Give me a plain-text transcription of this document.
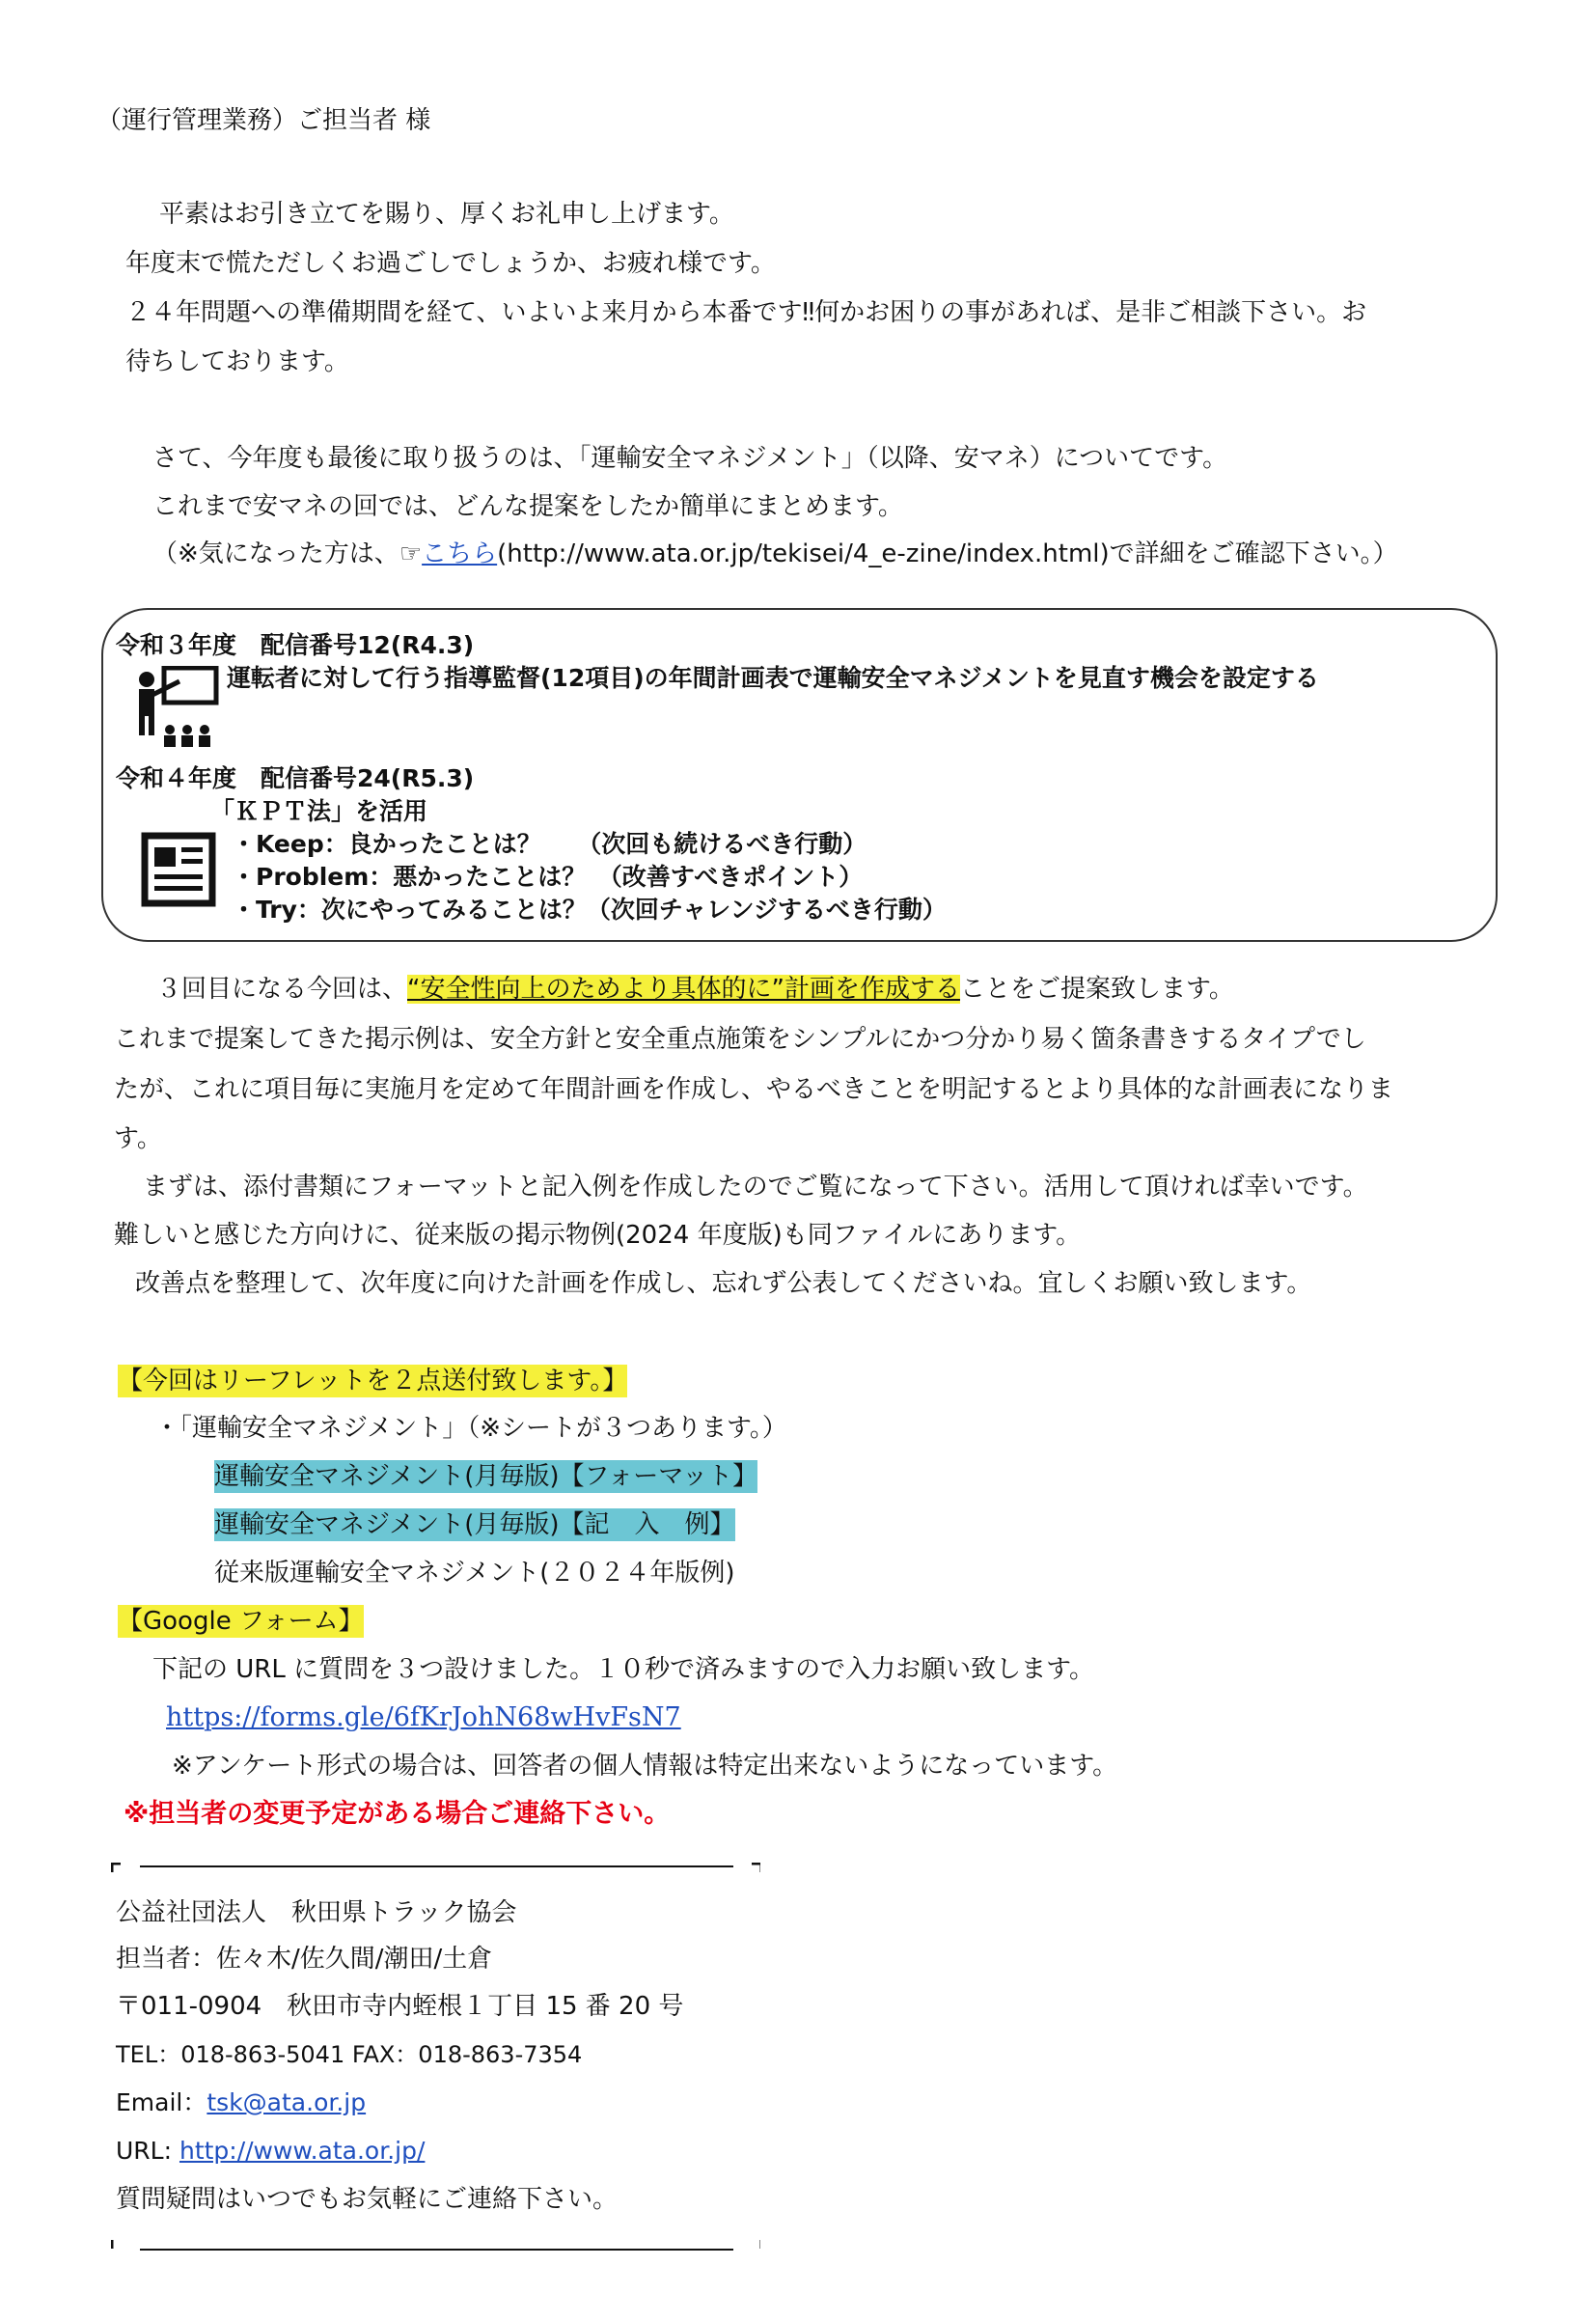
（運行管理業務）ご担当者 様
平素はお引き立てを賜り、厚くお礼申し上げます。
年度末で慌ただしくお過ごしでしょうか、お疲れ様です。
２４年問題への準備期間を経て、いよいよ来月から本番です‼何かお困りの事があれば、是非ご相談下さい。お
待ちしております。
さて、今年度も最後に取り扱うのは、「運輸安全マネジメント」（以降、安マネ）についてです。
これまで安マネの回では、どんな提案をしたか簡単にまとめます。
（※気になった方は、☞こちら(http://www.ata.or.jp/tekisei/4_e-zine/index.html)で詳細をご確認下さい。）
令和３年度　配信番号12(R4.3)
運転者に対して行う指導監督(12項目)の年間計画表で運輸安全マネジメントを見直す機会を設定する
令和４年度　配信番号24(R5.3)
「ＫＰＴ法」を活用
・Keep：良かったことは？　　（次回も続けるべき行動）
・Problem：悪かったことは？　（改善すべきポイント）
・Try：次にやってみることは？（次回チャレンジするべき行動）
３回目になる今回は、“安全性向上のためより具体的に”計画を作成することをご提案致します。
これまで提案してきた掲示例は、安全方針と安全重点施策をシンプルにかつ分かり易く箇条書きするタイプでし
たが、これに項目毎に実施月を定めて年間計画を作成し、やるべきことを明記するとより具体的な計画表になりま
す。
まずは、添付書類にフォーマットと記入例を作成したのでご覧になって下さい。活用して頂ければ幸いです。
難しいと感じた方向けに、従来版の掲示物例(2024 年度版)も同ファイルにあります。
改善点を整理して、次年度に向けた計画を作成し、忘れず公表してくださいね。宜しくお願い致します。
【今回はリーフレットを２点送付致します。】
・「運輸安全マネジメント」（※シートが３つあります。）
運輸安全マネジメント(月毎版)【フォーマット】
運輸安全マネジメント(月毎版)【記　入　例】
従来版運輸安全マネジメント(２０２４年版例)
【Google フォーム】
下記の URL に質問を３つ設けました。１０秒で済みますので入力お願い致します。
https://forms.gle/6fKrJohN68wHvFsN7
※アンケート形式の場合は、回答者の個人情報は特定出来ないようになっています。
※担当者の変更予定がある場合ご連絡下さい。
公益社団法人　秋田県トラック協会
担当者：佐々木/佐久間/潮田/土倉
〒011-0904　秋田市寺内蛭根１丁目 15 番 20 号
TEL：018-863-5041 FAX：018-863-7354
Email：tsk@ata.or.jp
URL: http://www.ata.or.jp/
質問疑問はいつでもお気軽にご連絡下さい。
